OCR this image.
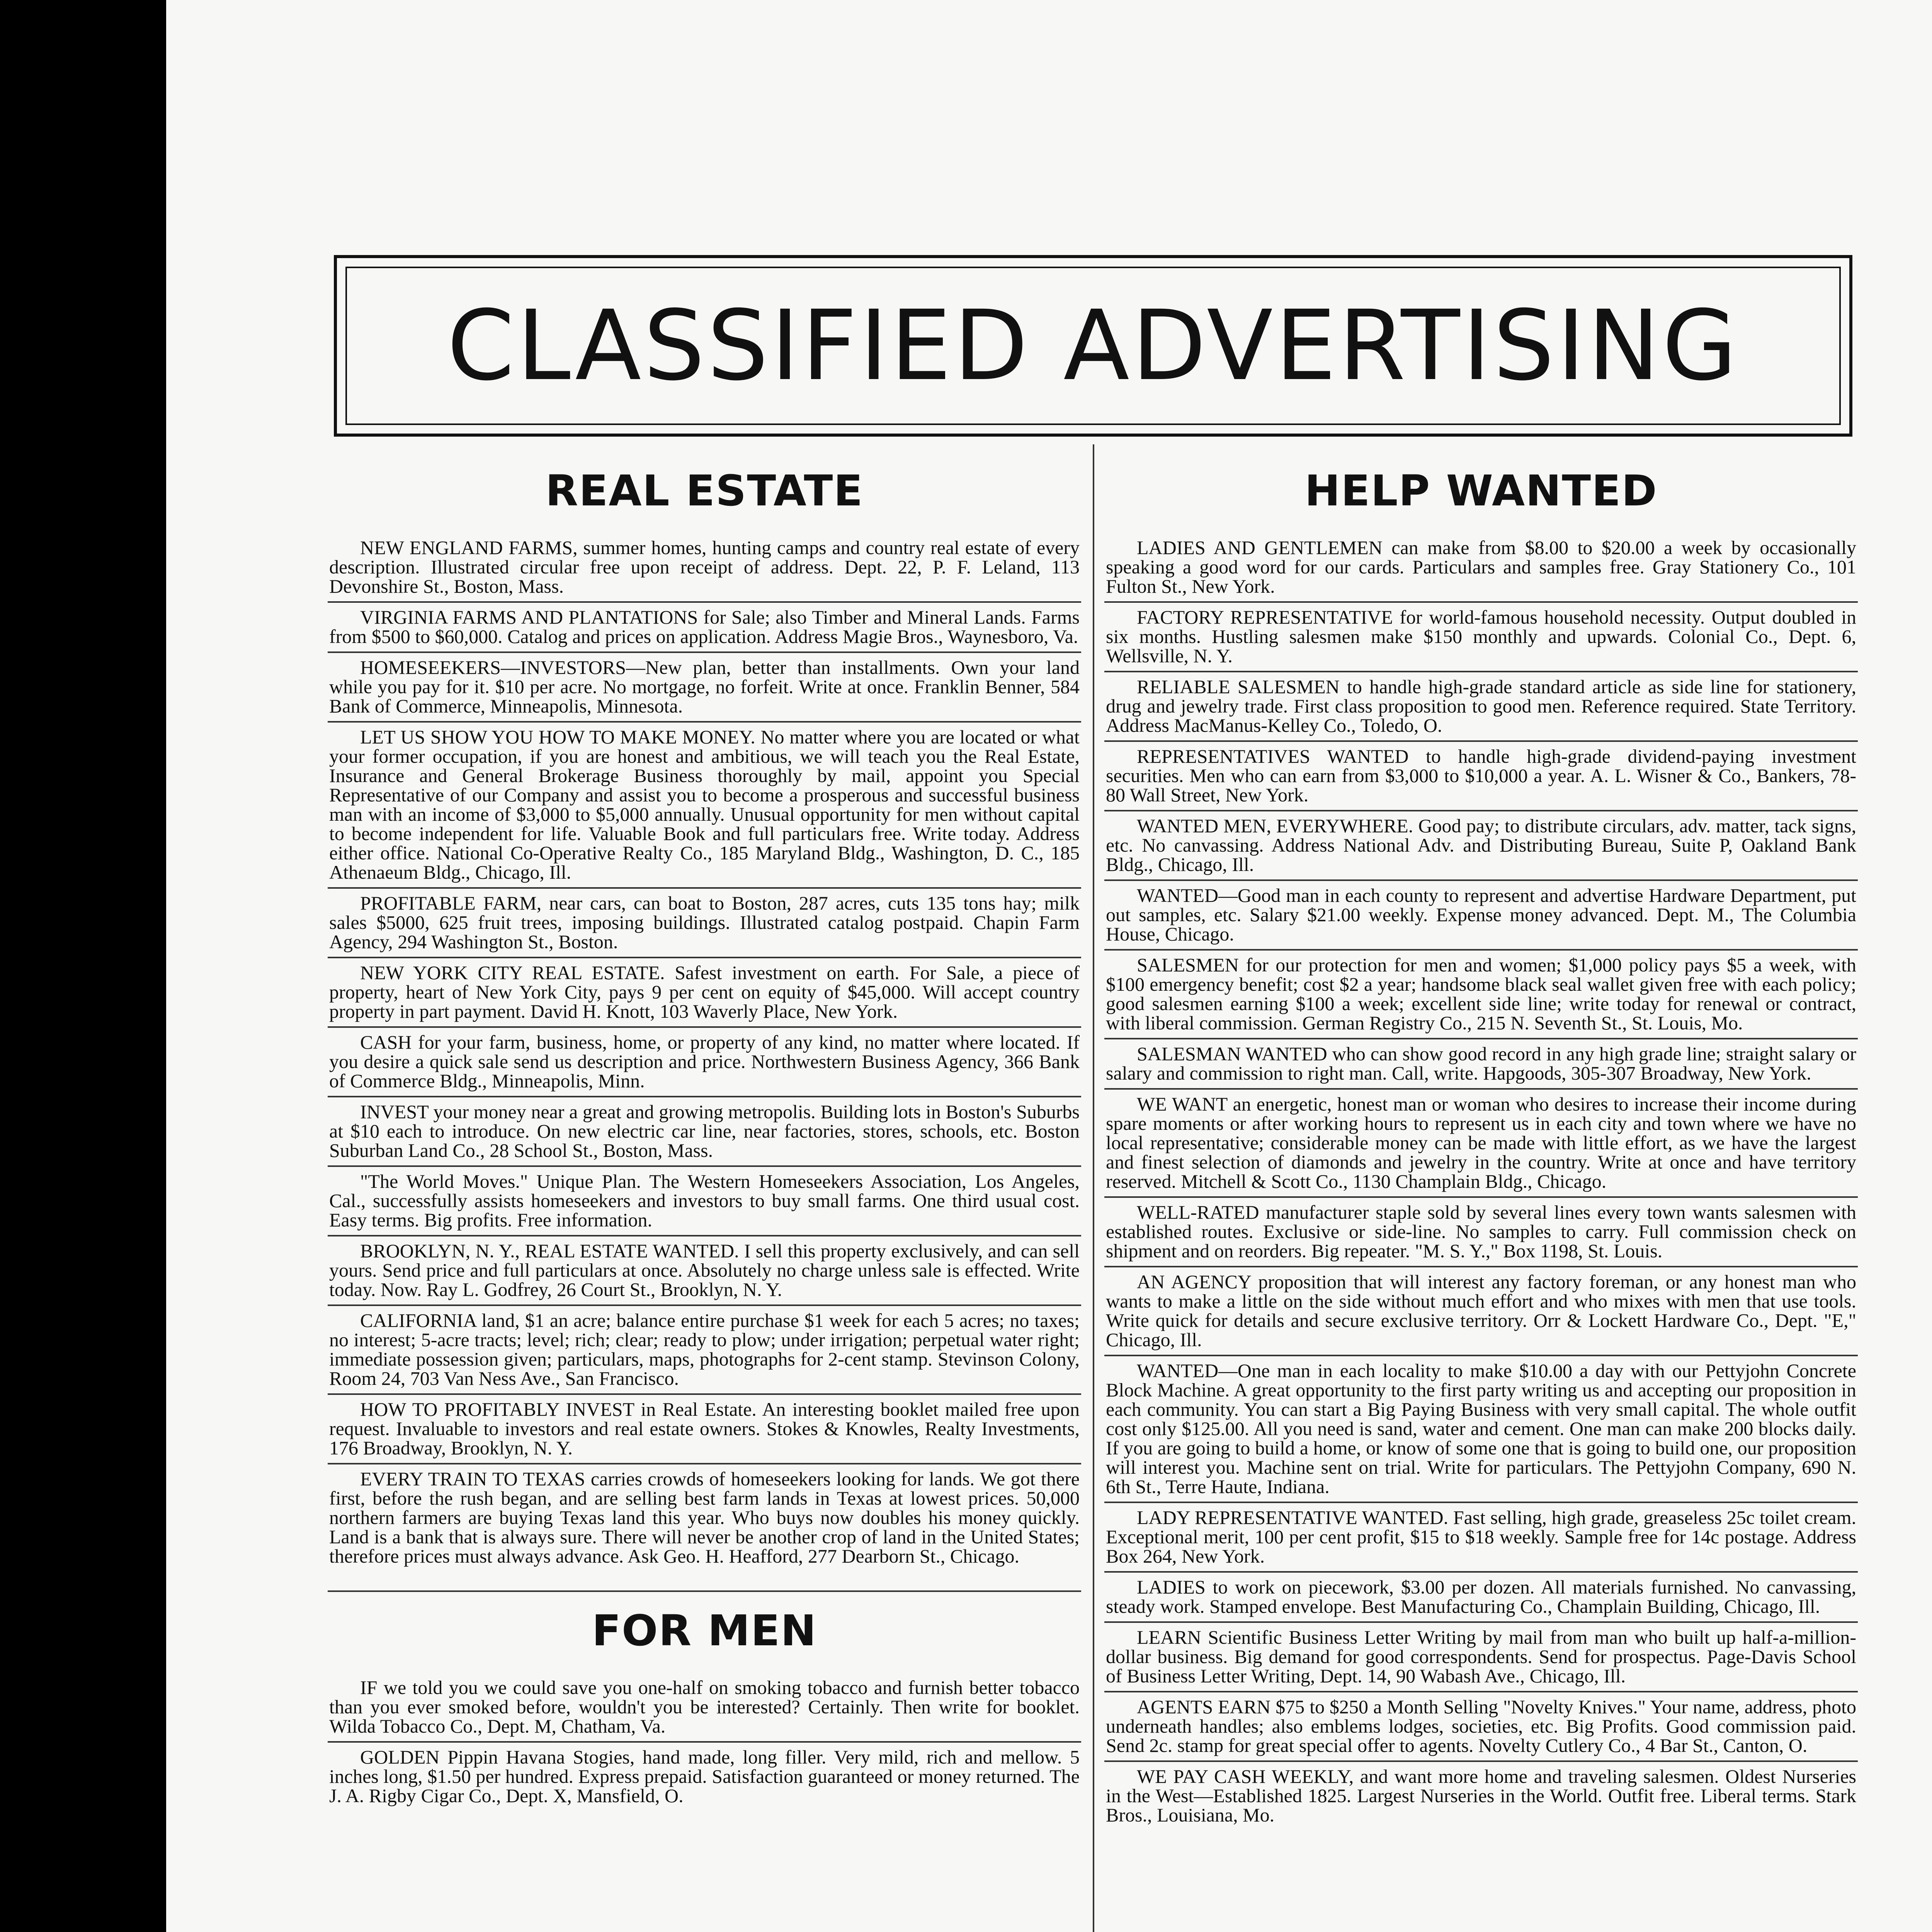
CLASSIFIED ADVERTISING
REAL ESTATE
NEW ENGLAND FARMS, summer homes, hunting camps and country real estate of every description. Illustrated circular free upon receipt of address. Dept. 22, P. F. Leland, 113 Devonshire St., Boston, Mass.
VIRGINIA FARMS AND PLANTATIONS for Sale; also Timber and Mineral Lands. Farms from $500 to $60,000. Catalog and prices on application. Address Magie Bros., Waynesboro, Va.
HOMESEEKERS—INVESTORS—New plan, better than installments. Own your land while you pay for it. $10 per acre. No mortgage, no forfeit. Write at once. Franklin Benner, 584 Bank of Commerce, Minneapolis, Minnesota.
LET US SHOW YOU HOW TO MAKE MONEY. No matter where you are located or what your former occupation, if you are honest and ambitious, we will teach you the Real Estate, Insurance and General Brokerage Business thoroughly by mail, appoint you Special Representative of our Company and assist you to become a prosperous and successful business man with an income of $3,000 to $5,000 annually. Unusual opportunity for men without capital to become independent for life. Valuable Book and full particulars free. Write today. Address either office. National Co-Operative Realty Co., 185 Maryland Bldg., Washington, D. C., 185 Athenaeum Bldg., Chicago, Ill.
PROFITABLE FARM, near cars, can boat to Boston, 287 acres, cuts 135 tons hay; milk sales $5000, 625 fruit trees, imposing buildings. Illustrated catalog postpaid. Chapin Farm Agency, 294 Washington St., Boston.
NEW YORK CITY REAL ESTATE. Safest investment on earth. For Sale, a piece of property, heart of New York City, pays 9 per cent on equity of $45,000. Will accept country property in part payment. David H. Knott, 103 Waverly Place, New York.
CASH for your farm, business, home, or property of any kind, no matter where located. If you desire a quick sale send us description and price. Northwestern Business Agency, 366 Bank of Commerce Bldg., Minneapolis, Minn.
INVEST your money near a great and growing metropolis. Building lots in Boston's Suburbs at $10 each to introduce. On new electric car line, near factories, stores, schools, etc. Boston Suburban Land Co., 28 School St., Boston, Mass.
"The World Moves." Unique Plan. The Western Homeseekers Association, Los Angeles, Cal., successfully assists homeseekers and investors to buy small farms. One third usual cost. Easy terms. Big profits. Free information.
BROOKLYN, N. Y., REAL ESTATE WANTED. I sell this property exclusively, and can sell yours. Send price and full particulars at once. Absolutely no charge unless sale is effected. Write today. Now. Ray L. Godfrey, 26 Court St., Brooklyn, N. Y.
CALIFORNIA land, $1 an acre; balance entire purchase $1 week for each 5 acres; no taxes; no interest; 5-acre tracts; level; rich; clear; ready to plow; under irrigation; perpetual water right; immediate possession given; particulars, maps, photographs for 2-cent stamp. Stevinson Colony, Room 24, 703 Van Ness Ave., San Francisco.
HOW TO PROFITABLY INVEST in Real Estate. An interesting booklet mailed free upon request. Invaluable to investors and real estate owners. Stokes & Knowles, Realty Investments, 176 Broadway, Brooklyn, N. Y.
EVERY TRAIN TO TEXAS carries crowds of homeseekers looking for lands. We got there first, before the rush began, and are selling best farm lands in Texas at lowest prices. 50,000 northern farmers are buying Texas land this year. Who buys now doubles his money quickly. Land is a bank that is always sure. There will never be another crop of land in the United States; therefore prices must always advance. Ask Geo. H. Heafford, 277 Dearborn St., Chicago.
FOR MEN
IF we told you we could save you one-half on smoking tobacco and furnish better tobacco than you ever smoked before, wouldn't you be interested? Certainly. Then write for booklet. Wilda Tobacco Co., Dept. M, Chatham, Va.
GOLDEN Pippin Havana Stogies, hand made, long filler. Very mild, rich and mellow. 5 inches long, $1.50 per hundred. Express prepaid. Satisfaction guaranteed or money returned. The J. A. Rigby Cigar Co., Dept. X, Mansfield, O.
HELP WANTED
LADIES AND GENTLEMEN can make from $8.00 to $20.00 a week by occasionally speaking a good word for our cards. Particulars and samples free. Gray Stationery Co., 101 Fulton St., New York.
FACTORY REPRESENTATIVE for world-famous household necessity. Output doubled in six months. Hustling salesmen make $150 monthly and upwards. Colonial Co., Dept. 6, Wellsville, N. Y.
RELIABLE SALESMEN to handle high-grade standard article as side line for stationery, drug and jewelry trade. First class proposition to good men. Reference required. State Territory. Address MacManus-Kelley Co., Toledo, O.
REPRESENTATIVES WANTED to handle high-grade dividend-paying investment securities. Men who can earn from $3,000 to $10,000 a year. A. L. Wisner & Co., Bankers, 78-80 Wall Street, New York.
WANTED MEN, EVERYWHERE. Good pay; to distribute circulars, adv. matter, tack signs, etc. No canvassing. Address National Adv. and Distributing Bureau, Suite P, Oakland Bank Bldg., Chicago, Ill.
WANTED—Good man in each county to represent and advertise Hardware Department, put out samples, etc. Salary $21.00 weekly. Expense money advanced. Dept. M., The Columbia House, Chicago.
SALESMEN for our protection for men and women; $1,000 policy pays $5 a week, with $100 emergency benefit; cost $2 a year; handsome black seal wallet given free with each policy; good salesmen earning $100 a week; excellent side line; write today for renewal or contract, with liberal commission. German Registry Co., 215 N. Seventh St., St. Louis, Mo.
SALESMAN WANTED who can show good record in any high grade line; straight salary or salary and commission to right man. Call, write. Hapgoods, 305-307 Broadway, New York.
WE WANT an energetic, honest man or woman who desires to increase their income during spare moments or after working hours to represent us in each city and town where we have no local representative; considerable money can be made with little effort, as we have the largest and finest selection of diamonds and jewelry in the country. Write at once and have territory reserved. Mitchell & Scott Co., 1130 Champlain Bldg., Chicago.
WELL-RATED manufacturer staple sold by several lines every town wants salesmen with established routes. Exclusive or side-line. No samples to carry. Full commission check on shipment and on reorders. Big repeater. "M. S. Y.," Box 1198, St. Louis.
AN AGENCY proposition that will interest any factory foreman, or any honest man who wants to make a little on the side without much effort and who mixes with men that use tools. Write quick for details and secure exclusive territory. Orr & Lockett Hardware Co., Dept. "E," Chicago, Ill.
WANTED—One man in each locality to make $10.00 a day with our Pettyjohn Concrete Block Machine. A great opportunity to the first party writing us and accepting our proposition in each community. You can start a Big Paying Business with very small capital. The whole outfit cost only $125.00. All you need is sand, water and cement. One man can make 200 blocks daily. If you are going to build a home, or know of some one that is going to build one, our proposition will interest you. Machine sent on trial. Write for particulars. The Pettyjohn Company, 690 N. 6th St., Terre Haute, Indiana.
LADY REPRESENTATIVE WANTED. Fast selling, high grade, greaseless 25c toilet cream. Exceptional merit, 100 per cent profit, $15 to $18 weekly. Sample free for 14c postage. Address Box 264, New York.
LADIES to work on piecework, $3.00 per dozen. All materials furnished. No canvassing, steady work. Stamped envelope. Best Manufacturing Co., Champlain Building, Chicago, Ill.
LEARN Scientific Business Letter Writing by mail from man who built up half-a-million-dollar business. Big demand for good correspondents. Send for prospectus. Page-Davis School of Business Letter Writing, Dept. 14, 90 Wabash Ave., Chicago, Ill.
AGENTS EARN $75 to $250 a Month Selling "Novelty Knives." Your name, address, photo underneath handles; also emblems lodges, societies, etc. Big Profits. Good commission paid. Send 2c. stamp for great special offer to agents. Novelty Cutlery Co., 4 Bar St., Canton, O.
WE PAY CASH WEEKLY, and want more home and traveling salesmen. Oldest Nurseries in the West—Established 1825. Largest Nurseries in the World. Outfit free. Liberal terms. Stark Bros., Louisiana, Mo.
